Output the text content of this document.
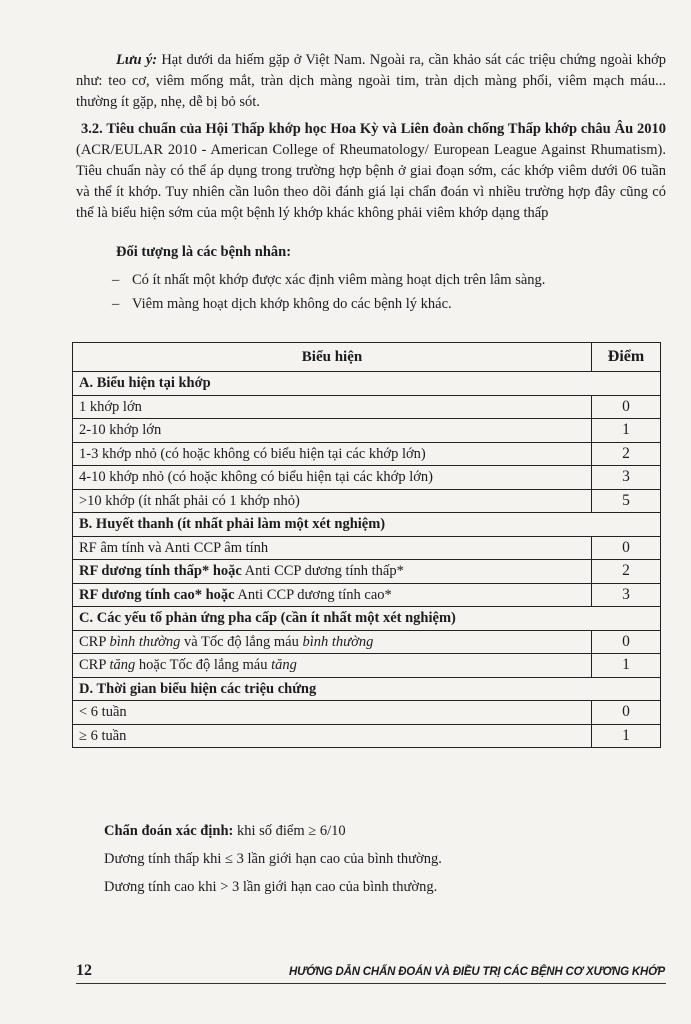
Lưu ý: Hạt dưới da hiếm gặp ở Việt Nam. Ngoài ra, cần khảo sát các triệu chứng ngoài khớp như: teo cơ, viêm mống mắt, tràn dịch màng ngoài tim, tràn dịch màng phổi, viêm mạch máu... thường ít gặp, nhẹ, dễ bị bỏ sót.

3.2. Tiêu chuẩn của Hội Thấp khớp học Hoa Kỳ và Liên đoàn chống Thấp khớp châu Âu 2010 (ACR/EULAR 2010 - American College of Rheumatology/ European League Against Rhumatism). Tiêu chuẩn này có thể áp dụng trong trường hợp bệnh ở giai đoạn sớm, các khớp viêm dưới 06 tuần và thể ít khớp. Tuy nhiên cần luôn theo dõi đánh giá lại chẩn đoán vì nhiều trường hợp đây cũng có thể là biểu hiện sớm của một bệnh lý khớp khác không phải viêm khớp dạng thấp

Đối tượng là các bệnh nhân:

– Có ít nhất một khớp được xác định viêm màng hoạt dịch trên lâm sàng.
– Viêm màng hoạt dịch khớp không do các bệnh lý khác.
Biểu hiện	Điểm
A. Biểu hiện tại khớp	
1 khớp lớn	0
2-10 khớp lớn	1
1-3 khớp nhỏ (có hoặc không có biểu hiện tại các khớp lớn)	2
4-10 khớp nhỏ (có hoặc không có biểu hiện tại các khớp lớn)	3
>10 khớp (ít nhất phải có 1 khớp nhỏ)	5
B. Huyết thanh (ít nhất phải làm một xét nghiệm)	
RF âm tính và Anti CCP âm tính	0
RF dương tính thấp* hoặc Anti CCP dương tính thấp*	2
RF dương tính cao* hoặc Anti CCP dương tính cao*	3
C. Các yếu tố phản ứng pha cấp (cần ít nhất một xét nghiệm)	
CRP bình thường và Tốc độ lắng máu bình thường	0
CRP tăng hoặc Tốc độ lắng máu tăng	1
D. Thời gian biểu hiện các triệu chứng	
< 6 tuần	0
≥ 6 tuần	1

Chẩn đoán xác định: khi số điểm ≥ 6/10

Dương tính thấp khi ≤ 3 lần giới hạn cao của bình thường.

Dương tính cao khi > 3 lần giới hạn cao của bình thường.

12	HƯỚNG DẪN CHẨN ĐOÁN VÀ ĐIỀU TRỊ CÁC BỆNH CƠ XƯƠNG KHỚP
